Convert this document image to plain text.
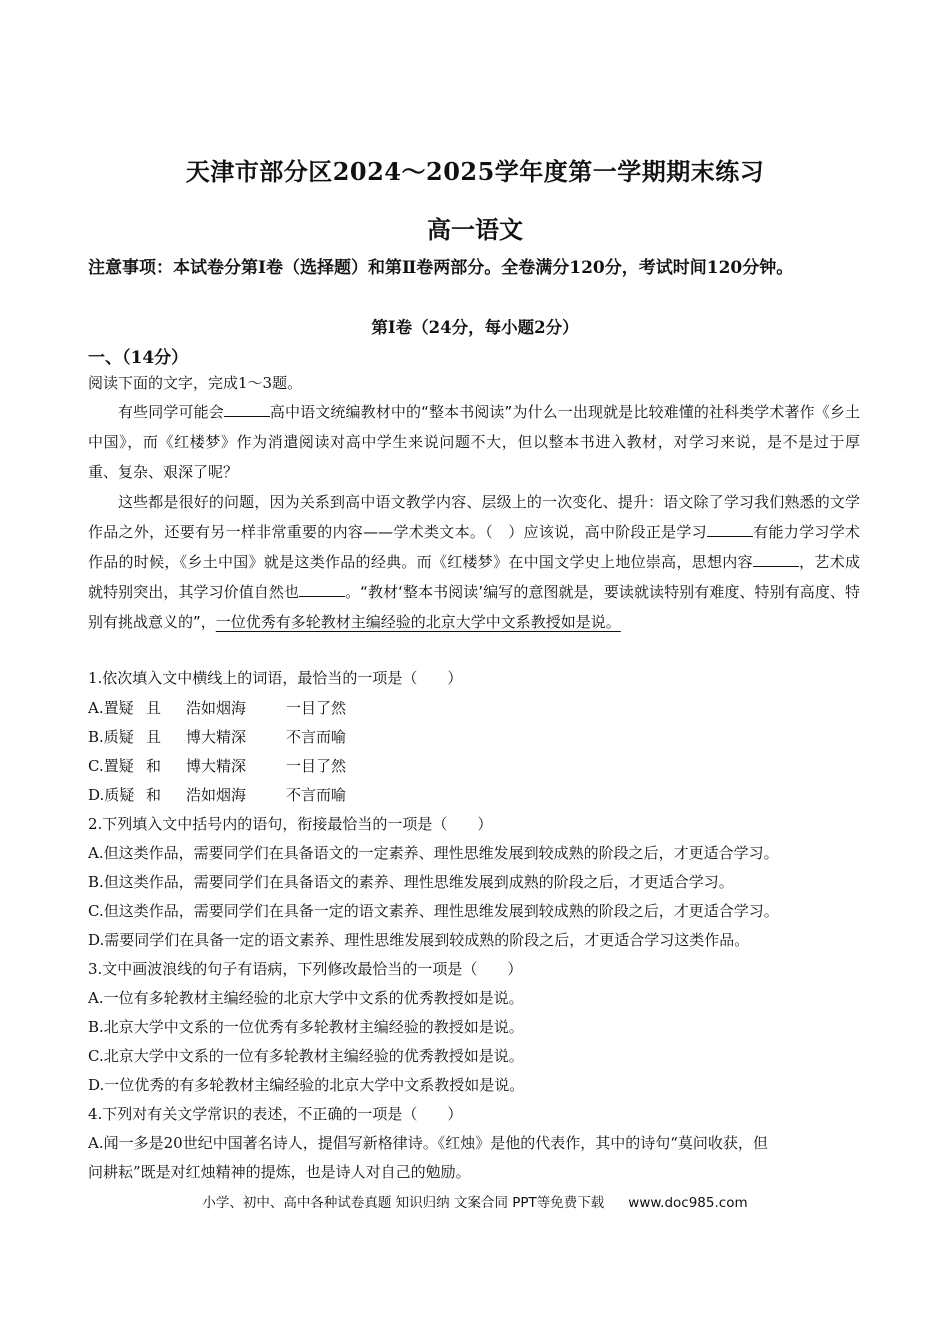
天津市部分区2024～2025学年度第一学期期末练习
高一语文
注意事项：本试卷分第Ⅰ卷（选择题）和第Ⅱ卷两部分。全卷满分120分，考试时间120分钟。
第Ⅰ卷（24分，每小题2分）
一、（14分）
阅读下面的文字，完成1～3题。

有些同学可能会	高中语文统编教材中的“整本书阅读”为什么一出现就是比较难懂的社科类学术著作《乡土中国》，而《红楼梦》作为消遣阅读对高中学生来说问题不大，但以整本书进入教材，对学习来说，是不是过于厚重、复杂、艰深了呢？

这些都是很好的问题，因为关系到高中语文教学内容、层级上的一次变化、提升：语文除了学习我们熟悉的文学作品之外，还要有另一样非常重要的内容——学术类文本。（　）应该说，高中阶段正是学习	有能力学习学术作品的时候，《乡土中国》就是这类作品的经典。而《红楼梦》在中国文学史上地位崇高，思想内容	，艺术成就特别突出，其学习价值自然也	。“教材‘整本书阅读’编写的意图就是，要读就读特别有难度、特别有高度、特别有挑战意义的”，一位优秀有多轮教材主编经验的北京大学中文系教授如是说。

1.依次填入文中横线上的词语，最恰当的一项是（　　）
A.置疑 且 浩如烟海	一目了然
B.质疑 且 博大精深	不言而喻
C.置疑 和 博大精深	一目了然
D.质疑 和 浩如烟海	不言而喻
2.下列填入文中括号内的语句，衔接最恰当的一项是（　　）
A.但这类作品，需要同学们在具备语文的一定素养、理性思维发展到较成熟的阶段之后，才更适合学习。
B.但这类作品，需要同学们在具备语文的素养、理性思维发展到成熟的阶段之后，才更适合学习。
C.但这类作品，需要同学们在具备一定的语文素养、理性思维发展到较成熟的阶段之后，才更适合学习。
D.需要同学们在具备一定的语文素养、理性思维发展到较成熟的阶段之后，才更适合学习这类作品。
3.文中画波浪线的句子有语病，下列修改最恰当的一项是（　　）
A.一位有多轮教材主编经验的北京大学中文系的优秀教授如是说。
B.北京大学中文系的一位优秀有多轮教材主编经验的教授如是说。
C.北京大学中文系的一位有多轮教材主编经验的优秀教授如是说。
D.一位优秀的有多轮教材主编经验的北京大学中文系教授如是说。
4.下列对有关文学常识的表述，不正确的一项是（　　）
A.闻一多是20世纪中国著名诗人，提倡写新格律诗。《红烛》是他的代表作，其中的诗句“莫问收获，但
问耕耘”既是对红烛精神的提炼，也是诗人对自己的勉励。
小学、初中、高中各种试卷真题 知识归纳 文案合同 PPT等免费下载 www.doc985.com
